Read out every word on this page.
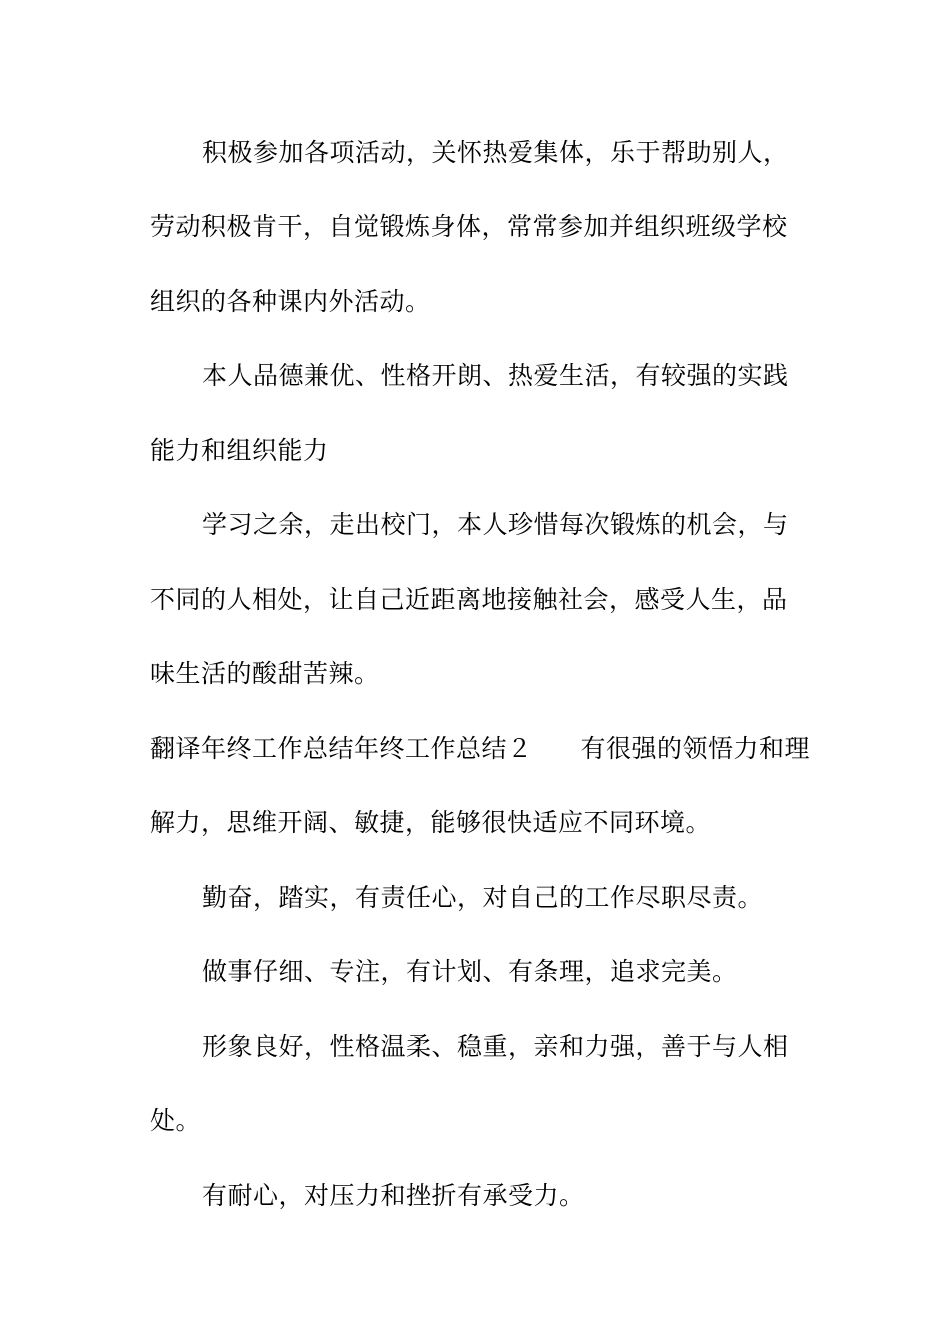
积极参加各项活动，关怀热爱集体，乐于帮助别人，
劳动积极肯干，自觉锻炼身体，常常参加并组织班级学校
组织的各种课内外活动。
本人品德兼优、性格开朗、热爱生活，有较强的实践
能力和组织能力
学习之余，走出校门，本人珍惜每次锻炼的机会，与
不同的人相处，让自己近距离地接触社会，感受人生，品
味生活的酸甜苦辣。
翻译年终工作总结年终工作总结２ 有很强的领悟力和理
解力，思维开阔、敏捷，能够很快适应不同环境。
勤奋，踏实，有责任心，对自己的工作尽职尽责。
做事仔细、专注，有计划、有条理，追求完美。
形象良好，性格温柔、稳重，亲和力强，善于与人相
处。
有耐心，对压力和挫折有承受力。
